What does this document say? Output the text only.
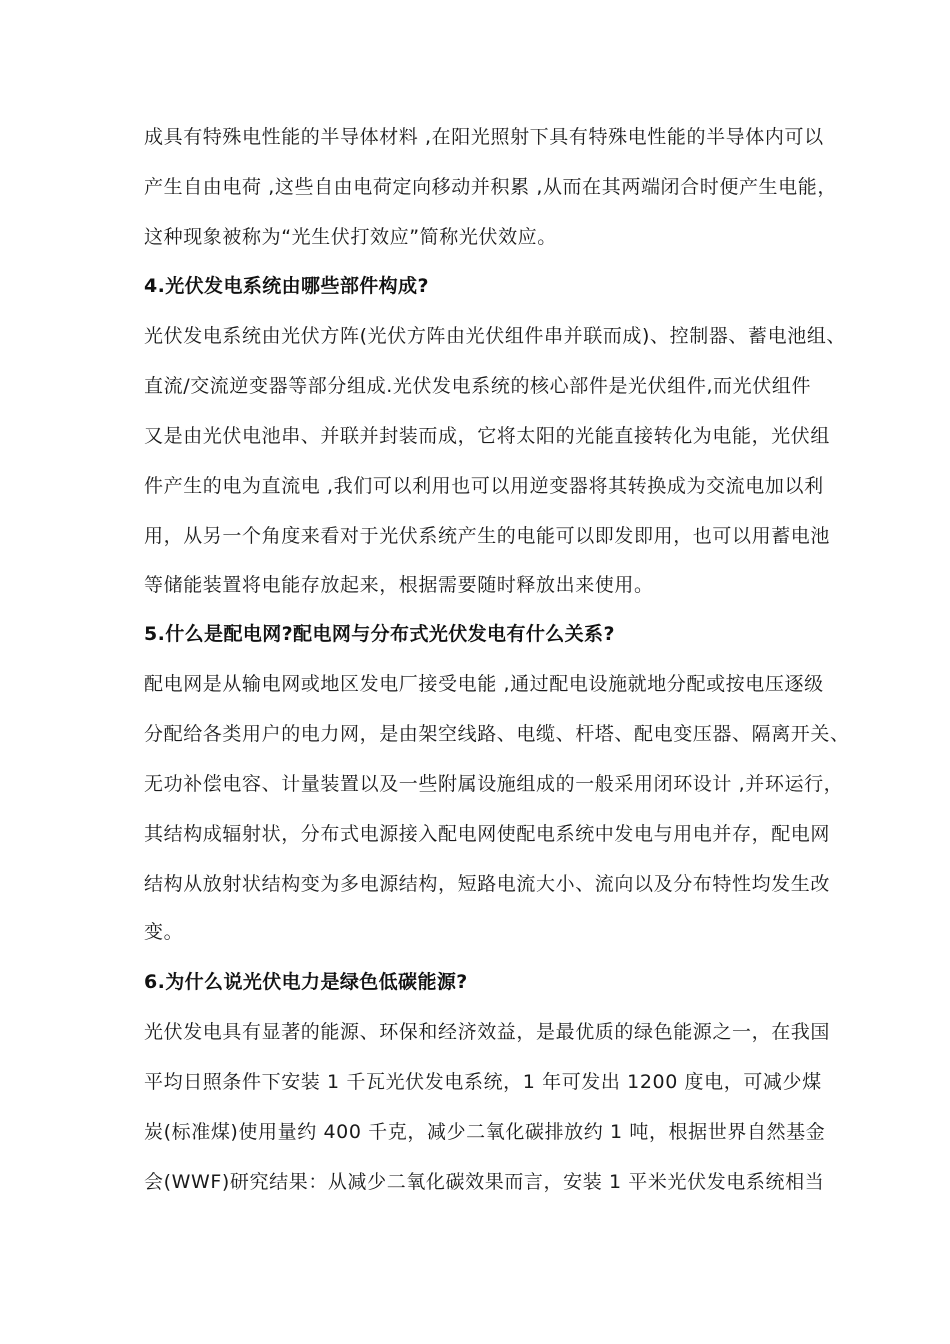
成具有特殊电性能的半导体材料 ,在阳光照射下具有特殊电性能的半导体内可以
产生自由电荷 ,这些自由电荷定向移动并积累 ,从而在其两端闭合时便产生电能，
这种现象被称为“光生伏打效应”简称光伏效应。
4.光伏发电系统由哪些部件构成?
光伏发电系统由光伏方阵(光伏方阵由光伏组件串并联而成)、控制器、蓄电池组、
直流/交流逆变器等部分组成.光伏发电系统的核心部件是光伏组件,而光伏组件
又是由光伏电池串、并联并封装而成，它将太阳的光能直接转化为电能，光伏组
件产生的电为直流电 ,我们可以利用也可以用逆变器将其转换成为交流电加以利
用，从另一个角度来看对于光伏系统产生的电能可以即发即用，也可以用蓄电池
等储能装置将电能存放起来，根据需要随时释放出来使用。
5.什么是配电网?配电网与分布式光伏发电有什么关系?
配电网是从输电网或地区发电厂接受电能 ,通过配电设施就地分配或按电压逐级
分配给各类用户的电力网，是由架空线路、电缆、杆塔、配电变压器、隔离开关、
无功补偿电容、计量装置以及一些附属设施组成的一般采用闭环设计 ,并环运行，
其结构成辐射状，分布式电源接入配电网使配电系统中发电与用电并存，配电网
结构从放射状结构变为多电源结构，短路电流大小、流向以及分布特性均发生改
变。
6.为什么说光伏电力是绿色低碳能源?
光伏发电具有显著的能源、环保和经济效益，是最优质的绿色能源之一，在我国
平均日照条件下安装 1 千瓦光伏发电系统，1 年可发出 1200 度电，可减少煤
炭(标准煤)使用量约 400 千克，减少二氧化碳排放约 1 吨，根据世界自然基金
会(WWF)研究结果：从减少二氧化碳效果而言，安装 1 平米光伏发电系统相当
